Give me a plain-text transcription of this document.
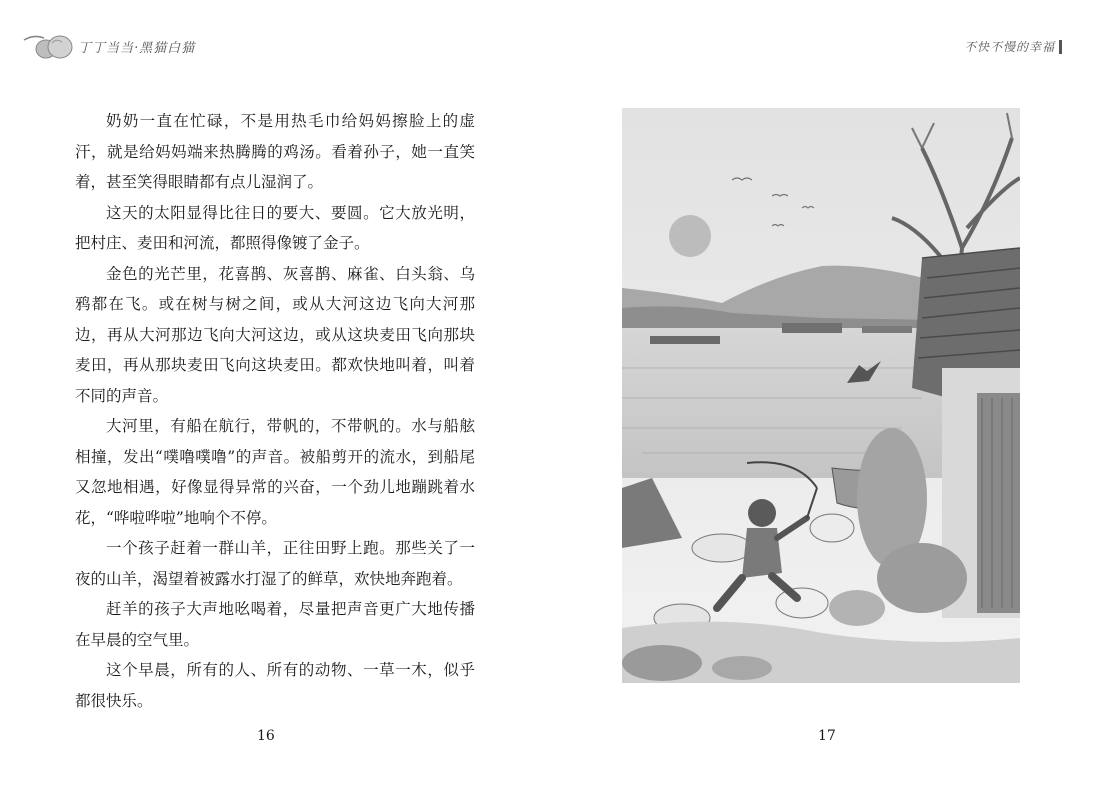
丁丁当当·黑猫白猫	不快不慢的幸福

奶奶一直在忙碌，不是用热毛巾给妈妈擦脸上的虚汗，就是给妈妈端来热腾腾的鸡汤。看着孙子，她一直笑着，甚至笑得眼睛都有点儿湿润了。

这天的太阳显得比往日的要大、要圆。它大放光明，把村庄、麦田和河流，都照得像镀了金子。

金色的光芒里，花喜鹊、灰喜鹊、麻雀、白头翁、乌鸦都在飞。或在树与树之间，或从大河这边飞向大河那边，再从大河那边飞向大河这边，或从这块麦田飞向那块麦田，再从那块麦田飞向这块麦田。都欢快地叫着，叫着不同的声音。

大河里，有船在航行，带帆的，不带帆的。水与船舷相撞，发出“噗噜噗噜”的声音。被船剪开的流水，到船尾又忽地相遇，好像显得异常的兴奋，一个劲儿地蹦跳着水花，“哗啦哗啦”地响个不停。

一个孩子赶着一群山羊，正往田野上跑。那些关了一夜的山羊，渴望着被露水打湿了的鲜草，欢快地奔跑着。

赶羊的孩子大声地吆喝着，尽量把声音更广大地传播在早晨的空气里。

这个早晨，所有的人、所有的动物、一草一木，似乎都很快乐。

16	17
